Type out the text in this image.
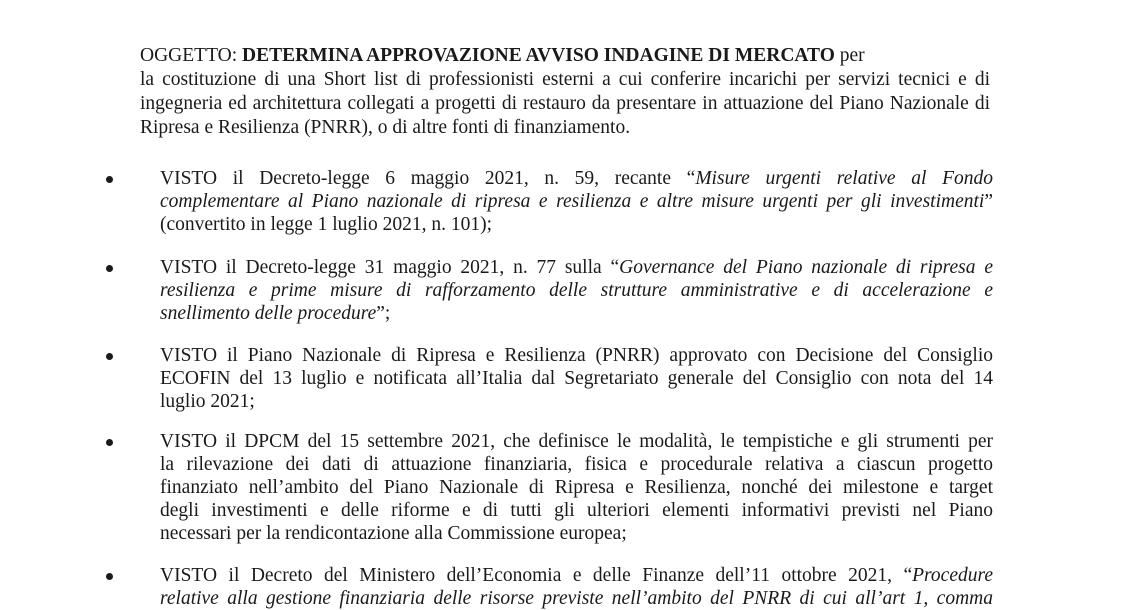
OGGETTO: DETERMINA APPROVAZIONE AVVISO INDAGINE DI MERCATO per
la costituzione di una Short list di professionisti esterni a cui conferire incarichi per servizi tecnici e di ingegneria ed architettura collegati a progetti di restauro da presentare in attuazione del Piano Nazionale di Ripresa e Resilienza (PNRR), o di altre fonti di finanziamento.
VISTO il Decreto-legge 6 maggio 2021, n. 59, recante “Misure urgenti relative al Fondo
complementare al Piano nazionale di ripresa e resilienza e altre misure urgenti per gli investimenti”
(convertito in legge 1 luglio 2021, n. 101);
VISTO il Decreto-legge 31 maggio 2021, n. 77 sulla “Governance del Piano nazionale di ripresa e
resilienza e prime misure di rafforzamento delle strutture amministrative e di accelerazione e
snellimento delle procedure”;
VISTO il Piano Nazionale di Ripresa e Resilienza (PNRR) approvato con Decisione del Consiglio
ECOFIN del 13 luglio e notificata all’Italia dal Segretariato generale del Consiglio con nota del 14
luglio 2021;
VISTO il DPCM del 15 settembre 2021, che definisce le modalità, le tempistiche e gli strumenti per
la rilevazione dei dati di attuazione finanziaria, fisica e procedurale relativa a ciascun progetto
finanziato nell’ambito del Piano Nazionale di Ripresa e Resilienza, nonché dei milestone e target
degli investimenti e delle riforme e di tutti gli ulteriori elementi informativi previsti nel Piano
necessari per la rendicontazione alla Commissione europea;
VISTO il Decreto del Ministero dell’Economia e delle Finanze dell’11 ottobre 2021, “Procedure
relative alla gestione finanziaria delle risorse previste nell’ambito del PNRR di cui all’art 1, comma
